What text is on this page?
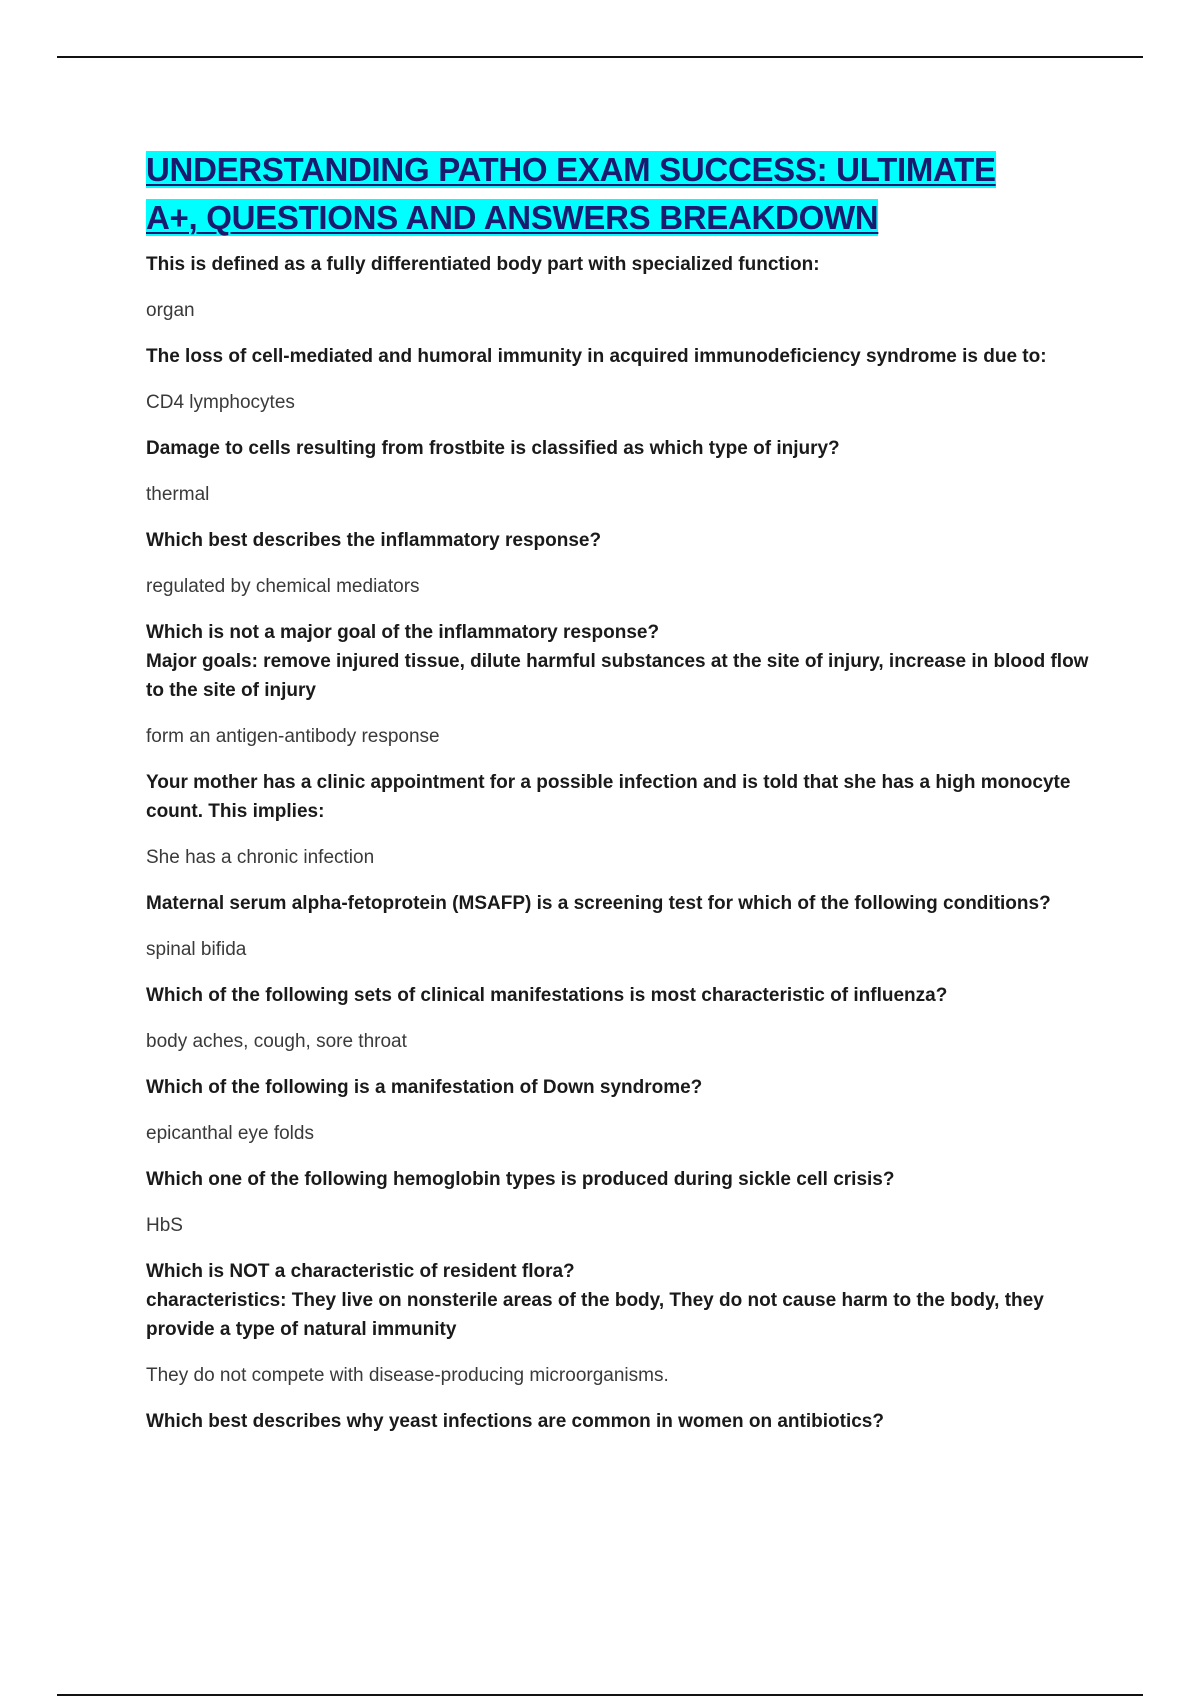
UNDERSTANDING PATHO EXAM SUCCESS: ULTIMATE
A+, QUESTIONS AND ANSWERS BREAKDOWN

This is defined as a fully differentiated body part with specialized function:

organ

The loss of cell-mediated and humoral immunity in acquired immunodeficiency syndrome is due to:

CD4 lymphocytes

Damage to cells resulting from frostbite is classified as which type of injury?

thermal

Which best describes the inflammatory response?

regulated by chemical mediators

Which is not a major goal of the inflammatory response?
Major goals: remove injured tissue, dilute harmful substances at the site of injury, increase in blood flow to the site of injury

form an antigen-antibody response

Your mother has a clinic appointment for a possible infection and is told that she has a high monocyte count. This implies:

She has a chronic infection

Maternal serum alpha-fetoprotein (MSAFP) is a screening test for which of the following conditions?

spinal bifida

Which of the following sets of clinical manifestations is most characteristic of influenza?

body aches, cough, sore throat

Which of the following is a manifestation of Down syndrome?

epicanthal eye folds

Which one of the following hemoglobin types is produced during sickle cell crisis?

HbS

Which is NOT a characteristic of resident flora?
characteristics: They live on nonsterile areas of the body, They do not cause harm to the body, they provide a type of natural immunity

They do not compete with disease-producing microorganisms.

Which best describes why yeast infections are common in women on antibiotics?
